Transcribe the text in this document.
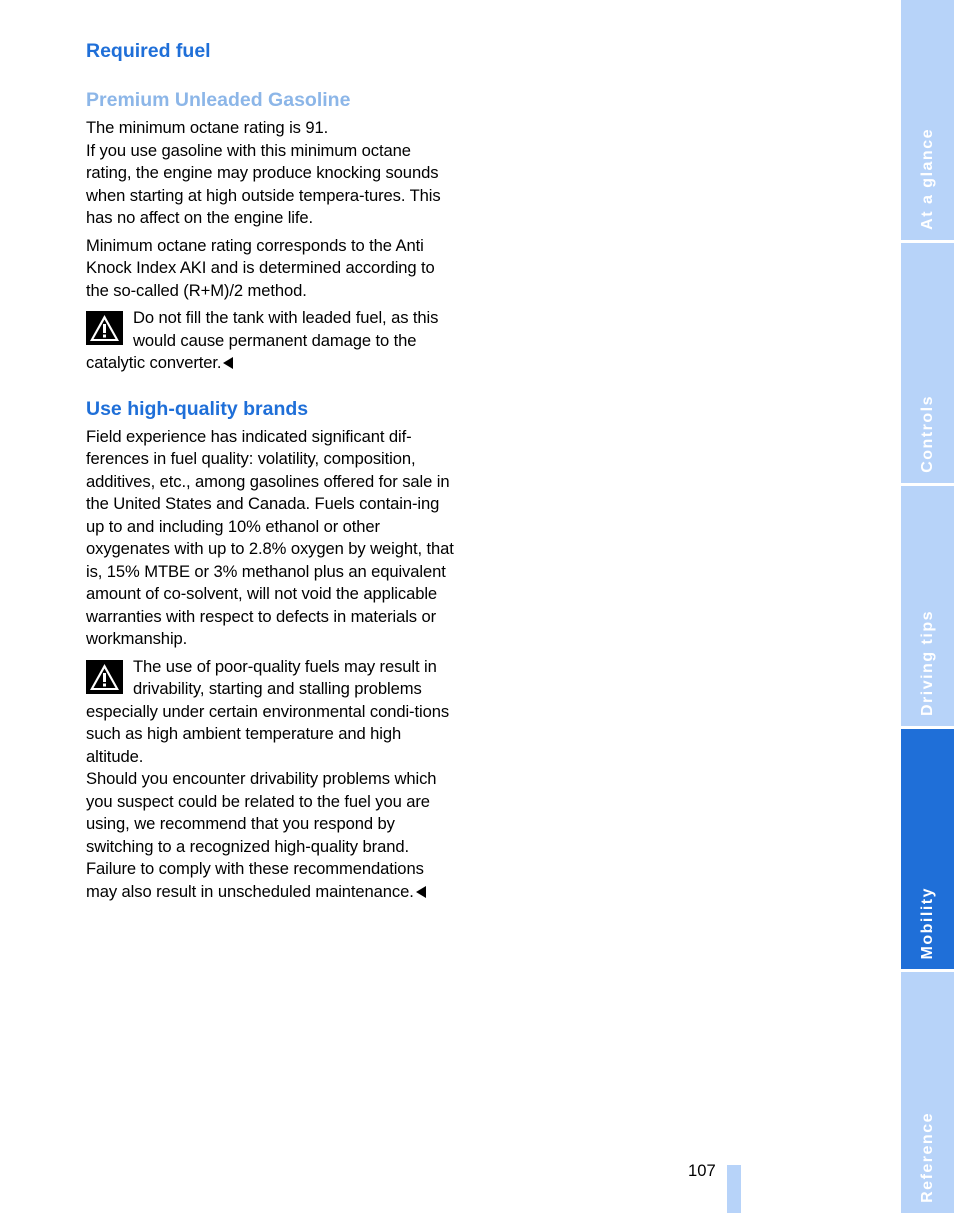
Required fuel
Premium Unleaded Gasoline

The minimum octane rating is 91.

If you use gasoline with this minimum octane rating, the engine may produce knocking sounds when starting at high outside tempera-tures. This has no affect on the engine life.

Minimum octane rating corresponds to the Anti Knock Index AKI and is determined according to the so-called (R+M)/2 method.

Do not fill the tank with leaded fuel, as this would cause permanent damage to the catalytic converter.

Use high-quality brands

Field experience has indicated significant dif-ferences in fuel quality: volatility, composition, additives, etc., among gasolines offered for sale in the United States and Canada. Fuels contain-ing up to and including 10% ethanol or other oxygenates with up to 2.8% oxygen by weight, that is, 15% MTBE or 3% methanol plus an equivalent amount of co-solvent, will not void the applicable warranties with respect to defects in materials or workmanship.

The use of poor-quality fuels may result in drivability, starting and stalling problems especially under certain environmental condi-tions such as high ambient temperature and high altitude.

Should you encounter drivability problems which you suspect could be related to the fuel you are using, we recommend that you respond by switching to a recognized high-quality brand.

Failure to comply with these recommendations may also result in unscheduled maintenance.

At a glance
Controls
Driving tips
Mobility
Reference
107
